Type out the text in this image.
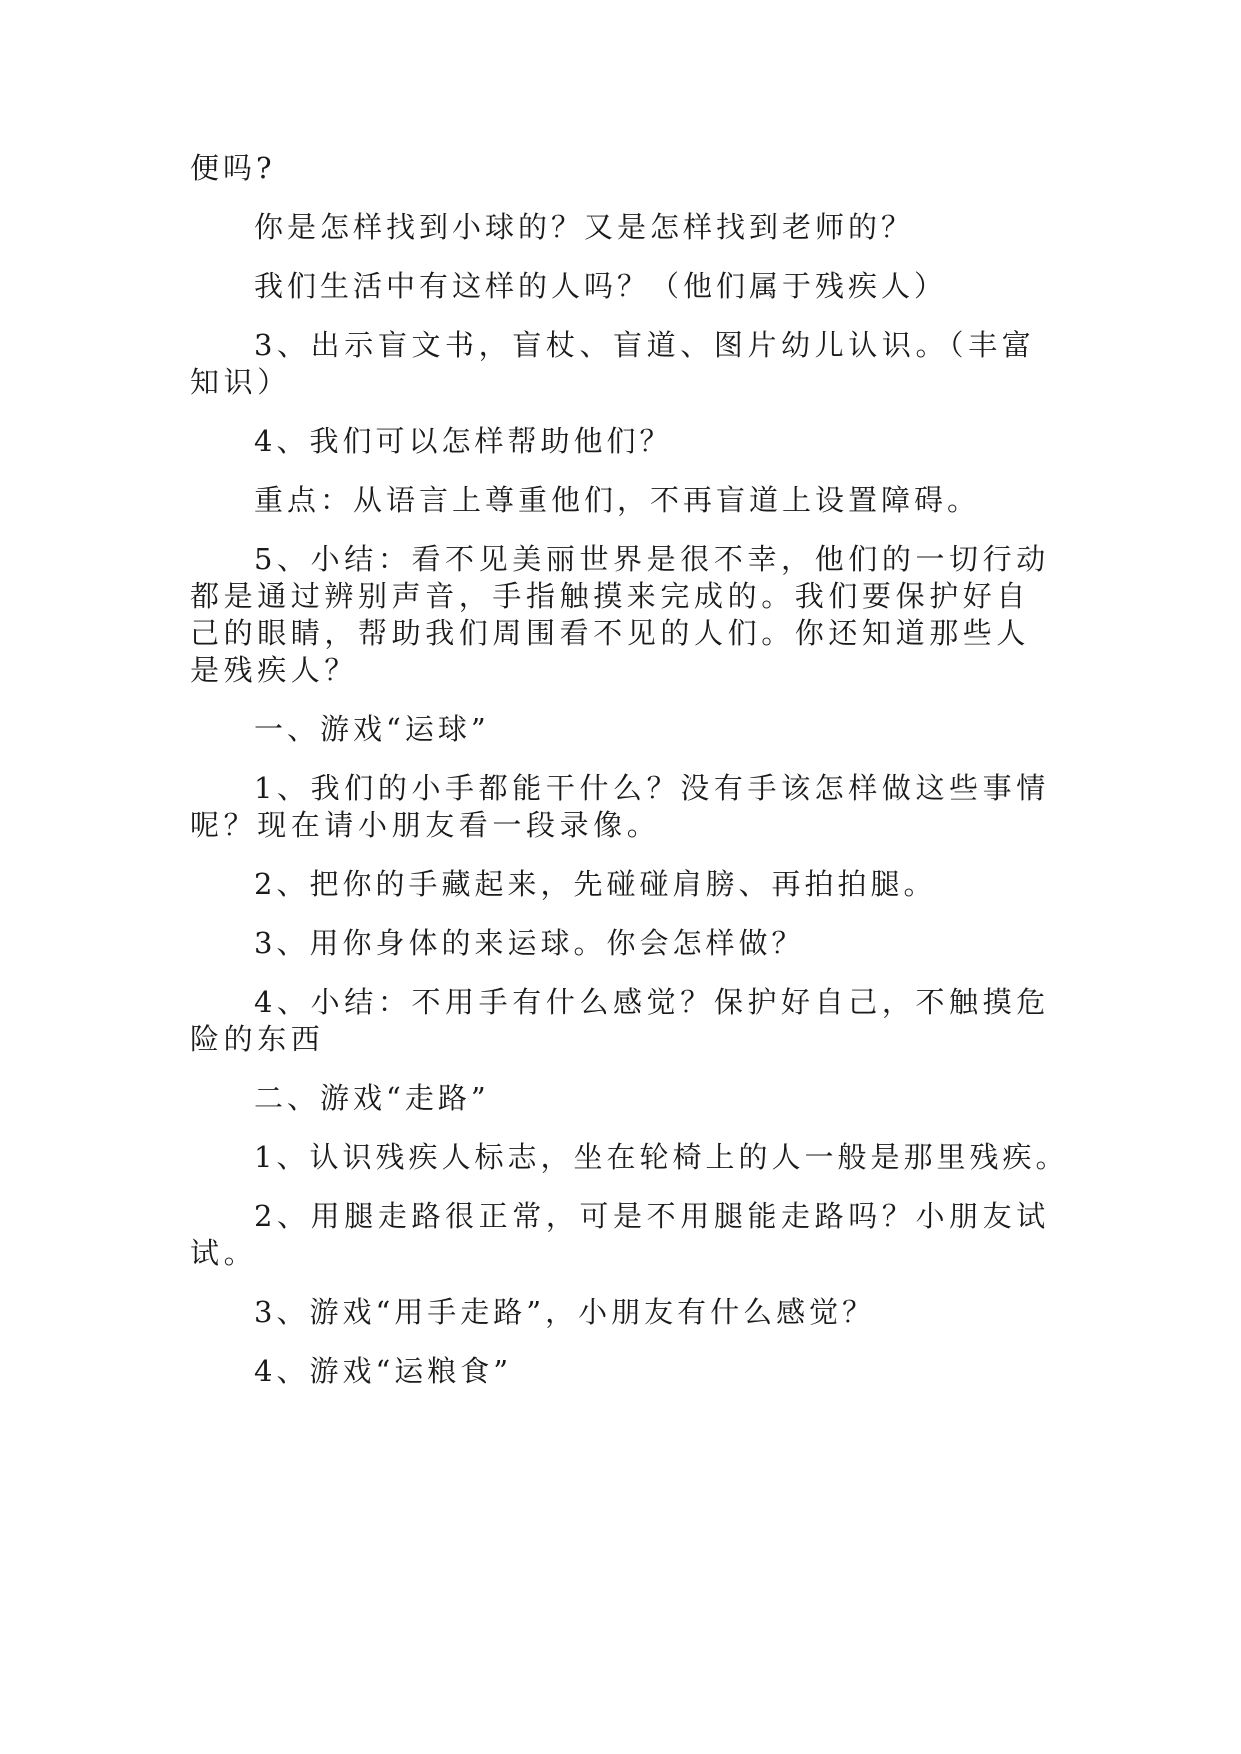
便吗?

你是怎样找到小球的？又是怎样找到老师的？

我们生活中有这样的人吗？（他们属于残疾人）

3、出示盲文书，盲杖、盲道、图片幼儿认识。（丰富知识）

4、我们可以怎样帮助他们？

重点：从语言上尊重他们，不再盲道上设置障碍。

5、小结：看不见美丽世界是很不幸，他们的一切行动都是通过辨别声音，手指触摸来完成的。我们要保护好自己的眼睛，帮助我们周围看不见的人们。你还知道那些人是残疾人？

一、游戏“运球”

1、我们的小手都能干什么？没有手该怎样做这些事情呢？现在请小朋友看一段录像。

2、把你的手藏起来，先碰碰肩膀、再拍拍腿。

3、用你身体的来运球。你会怎样做？

4、小结：不用手有什么感觉？保护好自己，不触摸危险的东西

二、游戏“走路”

1、认识残疾人标志，坐在轮椅上的人一般是那里残疾。

2、用腿走路很正常，可是不用腿能走路吗？小朋友试试。

3、游戏“用手走路”，小朋友有什么感觉？

4、游戏“运粮食”
